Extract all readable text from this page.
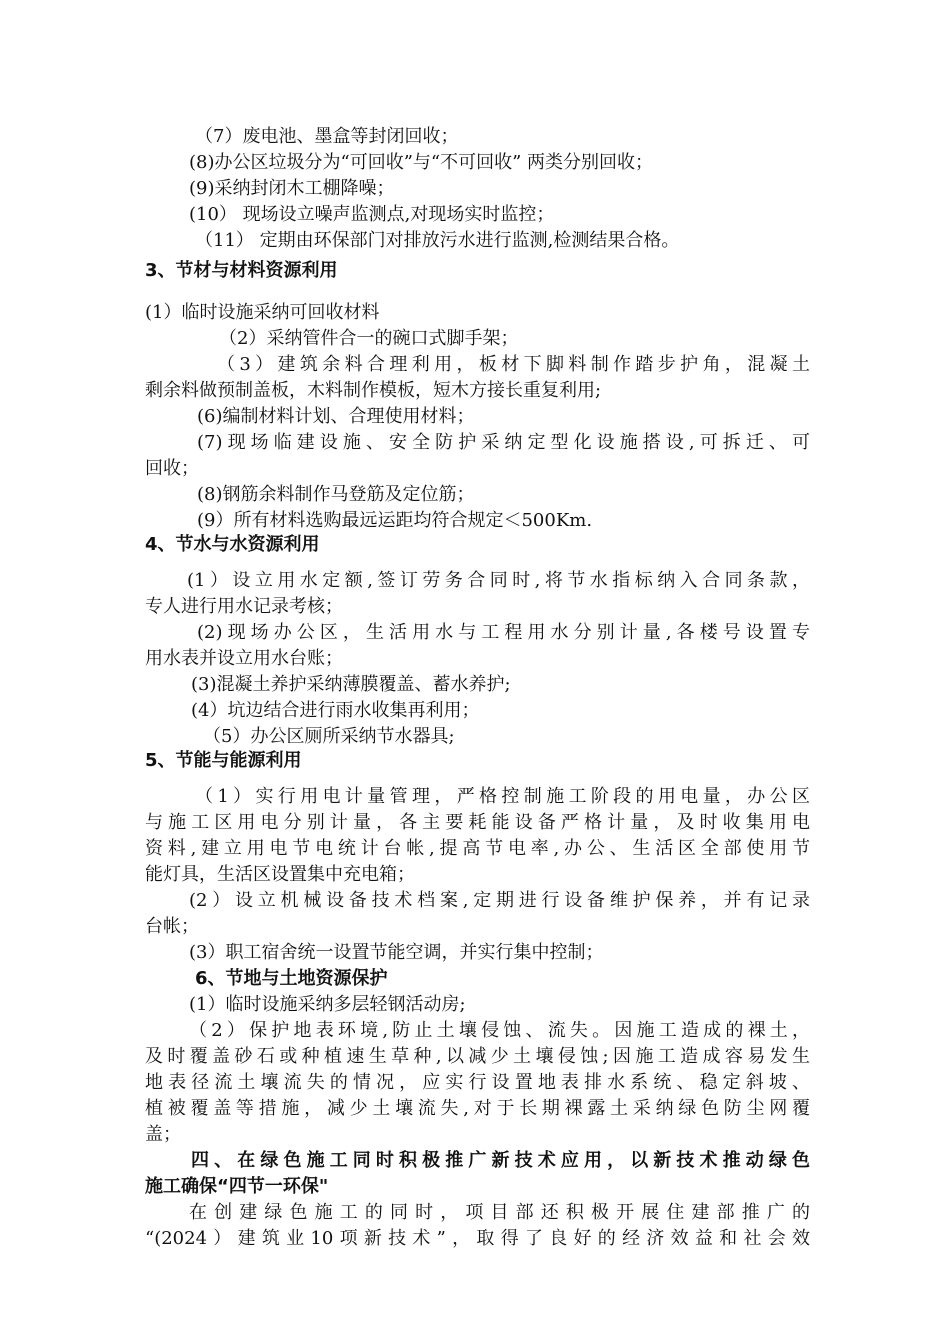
（7）废电池、墨盒等封闭回收；
(8)办公区垃圾分为“可回收”与“不可回收” 两类分别回收；
(9)采纳封闭木工棚降噪；
(10） 现场设立噪声监测点,对现场实时监控；
（11） 定期由环保部门对排放污水进行监测,检测结果合格。
3、节材与材料资源利用
(1）临时设施采纳可回收材料
（2）采纳管件合一的碗口式脚手架；
（3）建筑余料合理利用，板材下脚料制作踏步护角，混凝土
剩余料做预制盖板，木料制作模板，短木方接长重复利用;
(6)编制材料计划、合理使用材料；
(7)现场临建设施、安全防护采纳定型化设施搭设,可拆迁、可
回收；
(8)钢筋余料制作马登筋及定位筋；
(9）所有材料选购最远运距均符合规定＜500Km.
4、节水与水资源利用
(1）设立用水定额,签订劳务合同时,将节水指标纳入合同条款，
专人进行用水记录考核；
(2)现场办公区，生活用水与工程用水分别计量,各楼号设置专
用水表并设立用水台账；
(3)混凝土养护采纳薄膜覆盖、蓄水养护;
(4）坑边结合进行雨水收集再利用；
（5）办公区厕所采纳节水器具;
5、节能与能源利用
（1）实行用电计量管理，严格控制施工阶段的用电量，办公区
与施工区用电分别计量，各主要耗能设备严格计量，及时收集用电
资料,建立用电节电统计台帐,提高节电率,办公、生活区全部使用节
能灯具，生活区设置集中充电箱；
(2）设立机械设备技术档案,定期进行设备维护保养，并有记录
台帐；
(3）职工宿舍统一设置节能空调，并实行集中控制；
6、节地与土地资源保护
(1）临时设施采纳多层轻钢活动房;
（2）保护地表环境,防止土壤侵蚀、流失。因施工造成的裸土，
及时覆盖砂石或种植速生草种,以减少土壤侵蚀;因施工造成容易发生
地表径流土壤流失的情况，应实行设置地表排水系统、稳定斜坡、
植被覆盖等措施，减少土壤流失,对于长期裸露土采纳绿色防尘网覆
盖；
四、在绿色施工同时积极推广新技术应用，以新技术推动绿色
施工确保“四节一环保"
在创建绿色施工的同时，项目部还积极开展住建部推广的
“(2024）建筑业10项新技术”，取得了良好的经济效益和社会效
